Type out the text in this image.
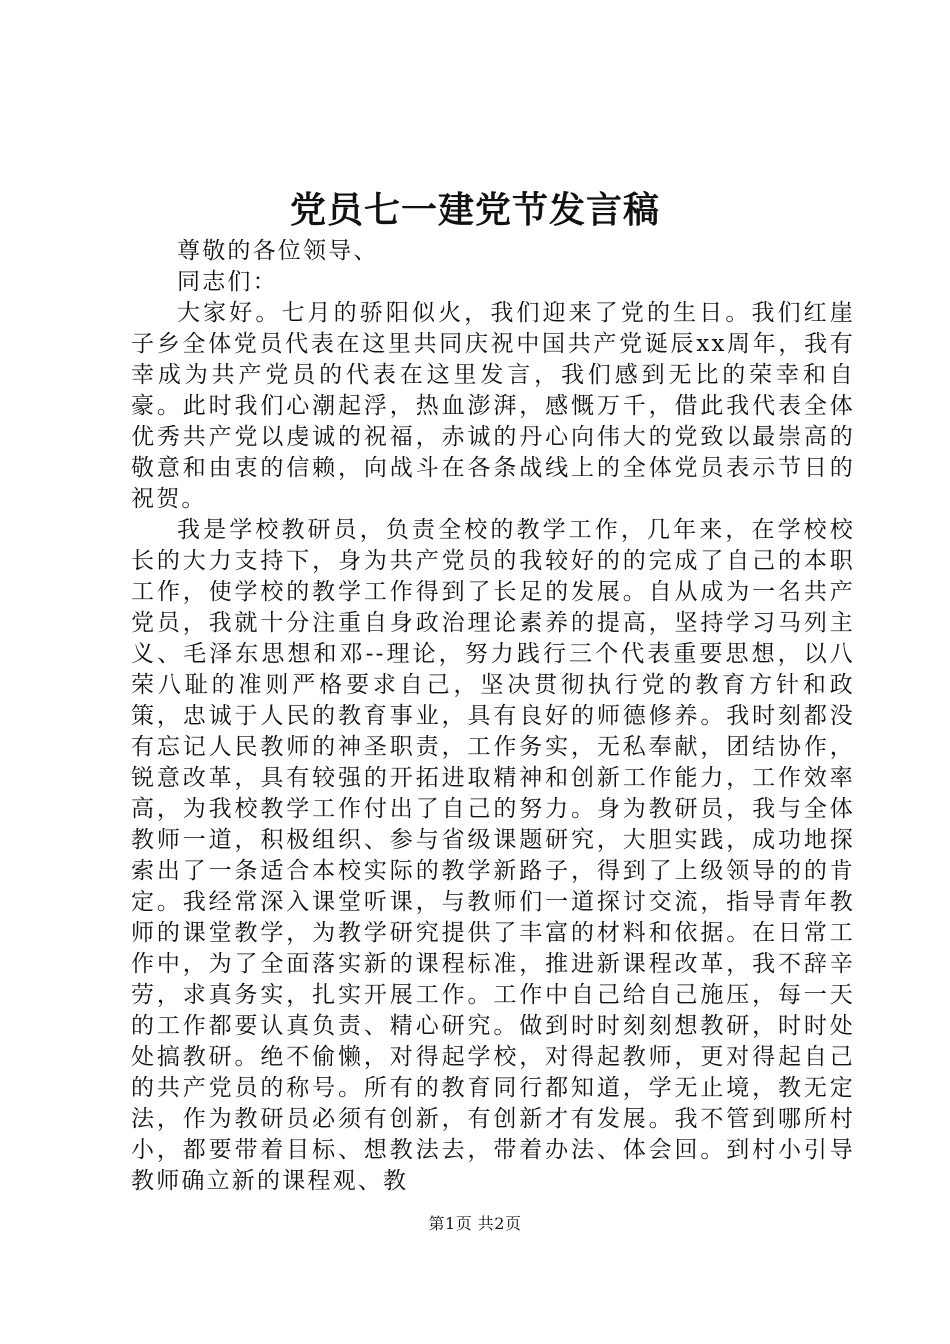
党员七一建党节发言稿

尊敬的各位领导、

同志们：

大家好。七月的骄阳似火，我们迎来了党的生日。我们红崖子乡全体党员代表在这里共同庆祝中国共产党诞辰xx周年，我有幸成为共产党员的代表在这里发言，我们感到无比的荣幸和自豪。此时我们心潮起浮，热血澎湃，感慨万千，借此我代表全体优秀共产党以虔诚的祝福，赤诚的丹心向伟大的党致以最崇高的敬意和由衷的信赖，向战斗在各条战线上的全体党员表示节日的祝贺。

我是学校教研员，负责全校的教学工作，几年来，在学校校长的大力支持下，身为共产党员的我较好的的完成了自己的本职工作，使学校的教学工作得到了长足的发展。自从成为一名共产党员，我就十分注重自身政治理论素养的提高，坚持学习马列主义、毛泽东思想和邓--理论，努力践行三个代表重要思想，以八荣八耻的准则严格要求自己，坚决贯彻执行党的教育方针和政策，忠诚于人民的教育事业，具有良好的师德修养。我时刻都没有忘记人民教师的神圣职责，工作务实，无私奉献，团结协作，锐意改革，具有较强的开拓进取精神和创新工作能力，工作效率高，为我校教学工作付出了自己的努力。身为教研员，我与全体教师一道，积极组织、参与省级课题研究，大胆实践，成功地探索出了一条适合本校实际的教学新路子，得到了上级领导的的肯定。我经常深入课堂听课，与教师们一道探讨交流，指导青年教师的课堂教学，为教学研究提供了丰富的材料和依据。在日常工作中，为了全面落实新的课程标准，推进新课程改革，我不辞辛劳，求真务实，扎实开展工作。工作中自己给自己施压，每一天的工作都要认真负责、精心研究。做到时时刻刻想教研，时时处处搞教研。绝不偷懒，对得起学校，对得起教师，更对得起自己的共产党员的称号。所有的教育同行都知道，学无止境，教无定法，作为教研员必须有创新，有创新才有发展。我不管到哪所村小，都要带着目标、想教法去，带着办法、体会回。到村小引导教师确立新的课程观、教

第1页 共2页
